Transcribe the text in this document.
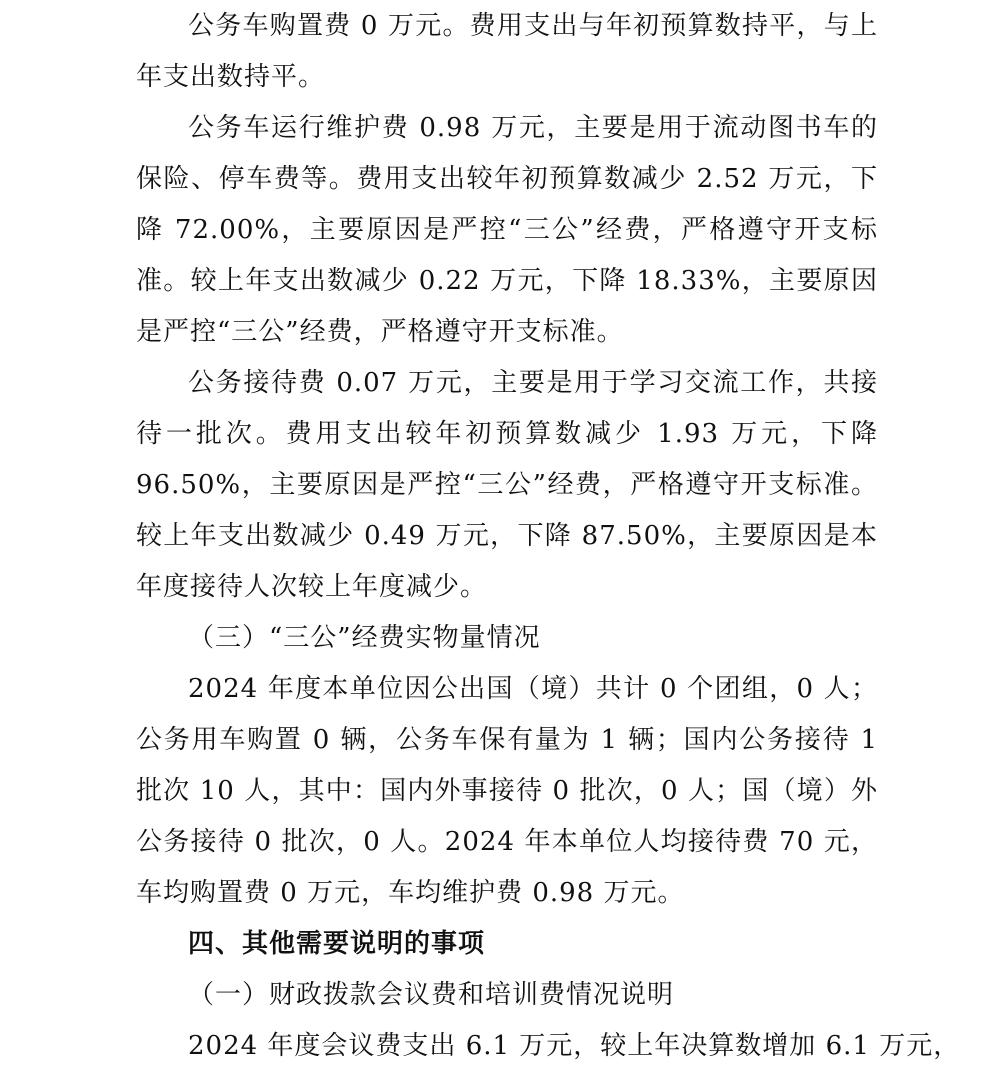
公务车购置费 0 万元。费用支出与年初预算数持平，与上年支出数持平。

公务车运行维护费 0.98 万元，主要是用于流动图书车的保险、停车费等。费用支出较年初预算数减少 2.52 万元，下降 72.00%，主要原因是严控“三公”经费，严格遵守开支标准。较上年支出数减少 0.22 万元，下降 18.33%，主要原因是严控“三公”经费，严格遵守开支标准。

公务接待费 0.07 万元，主要是用于学习交流工作，共接待一批次。费用支出较年初预算数减少 1.93 万元，下降 96.50%，主要原因是严控“三公”经费，严格遵守开支标准。较上年支出数减少 0.49 万元，下降 87.50%，主要原因是本年度接待人次较上年度减少。

（三）“三公”经费实物量情况

2024 年度本单位因公出国（境）共计 0 个团组，0 人；公务用车购置 0 辆，公务车保有量为 1 辆；国内公务接待 1 批次 10 人，其中：国内外事接待 0 批次，0 人；国（境）外公务接待 0 批次，0 人。2024 年本单位人均接待费 70 元，车均购置费 0 万元，车均维护费 0.98 万元。

四、其他需要说明的事项

（一）财政拨款会议费和培训费情况说明

2024 年度会议费支出 6.1 万元，较上年决算数增加 6.1 万元，
